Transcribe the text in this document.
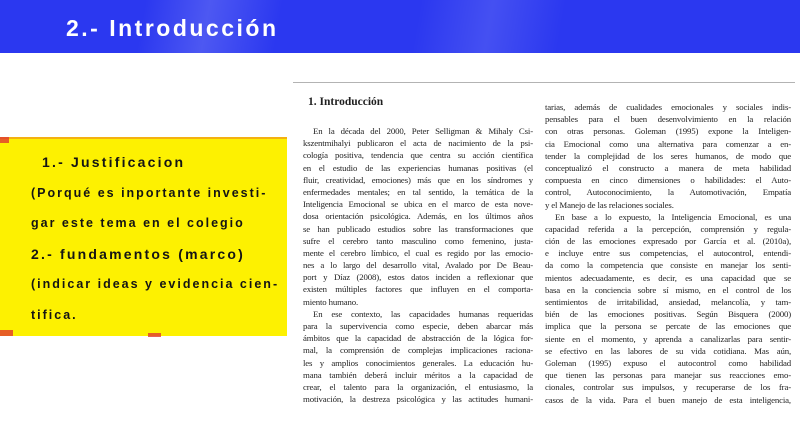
2.- Introducción
1.- Justificacion
(Porqué es inportante investi-
gar este tema en el colegio
2.- fundamentos (marco)
(indicar ideas y evidencia cien-
tifica.
1. Introducción
En la década del 2000, Peter Selligman & Mihaly Csi-
kszentmihalyi publicaron el acta de nacimiento de la psi-
cología positiva, tendencia que centra su acción científica
en el estudio de las experiencias humanas positivas (el
fluir, creatividad, emociones) más que en los síndromes y
enfermedades mentales; en tal sentido, la temática de la
Inteligencia Emocional se ubica en el marco de esta nove-
dosa orientación psicológica. Además, en los últimos años
se han publicado estudios sobre las transformaciones que
sufre el cerebro tanto masculino como femenino, justa-
mente el cerebro límbico, el cual es regido por las emocio-
nes a lo largo del desarrollo vital, Avalado por De Beau-
port y Díaz (2008), estos datos inciden a reflexionar que
existen múltiples factores que influyen en el comporta-
miento humano.
En ese contexto, las capacidades humanas requeridas
para la supervivencia como especie, deben abarcar más
ámbitos que la capacidad de abstracción de la lógica for-
mal, la comprensión de complejas implicaciones raciona-
les y amplios conocimientos generales. La educación hu-
mana también deberá incluir méritos a la capacidad de
crear, el talento para la organización, el entusiasmo, la
motivación, la destreza psicológica y las actitudes humani-
tarias, además de cualidades emocionales y sociales indis-
pensables para el buen desenvolvimiento en la relación
con otras personas. Goleman (1995) expone la Inteligen-
cia Emocional como una alternativa para comenzar a en-
tender la complejidad de los seres humanos, de modo que
conceptualizó el constructo a manera de meta habilidad
compuesta en cinco dimensiones o habilidades: el Auto-
control, Autoconocimiento, la Automotivación, Empatía
y el Manejo de las relaciones sociales.
En base a lo expuesto, la Inteligencia Emocional, es una
capacidad referida a la percepción, comprensión y regula-
ción de las emociones expresado por García et al. (2010a),
e incluye entre sus competencias, el autocontrol, entendi-
da como la competencia que consiste en manejar los senti-
mientos adecuadamente, es decir, es una capacidad que se
basa en la conciencia sobre sí mismo, en el control de los
sentimientos de irritabilidad, ansiedad, melancolía, y tam-
bién de las emociones positivas. Según Bisquera (2000)
implica que la persona se percate de las emociones que
siente en el momento, y aprenda a canalizarlas para sentir-
se efectivo en las labores de su vida cotidiana. Mas aún,
Goleman (1995) expuso el autocontrol como habilidad
que tienen las personas para manejar sus reacciones emo-
cionales, controlar sus impulsos, y recuperarse de los fra-
casos de la vida. Para el buen manejo de esta inteligencia,
